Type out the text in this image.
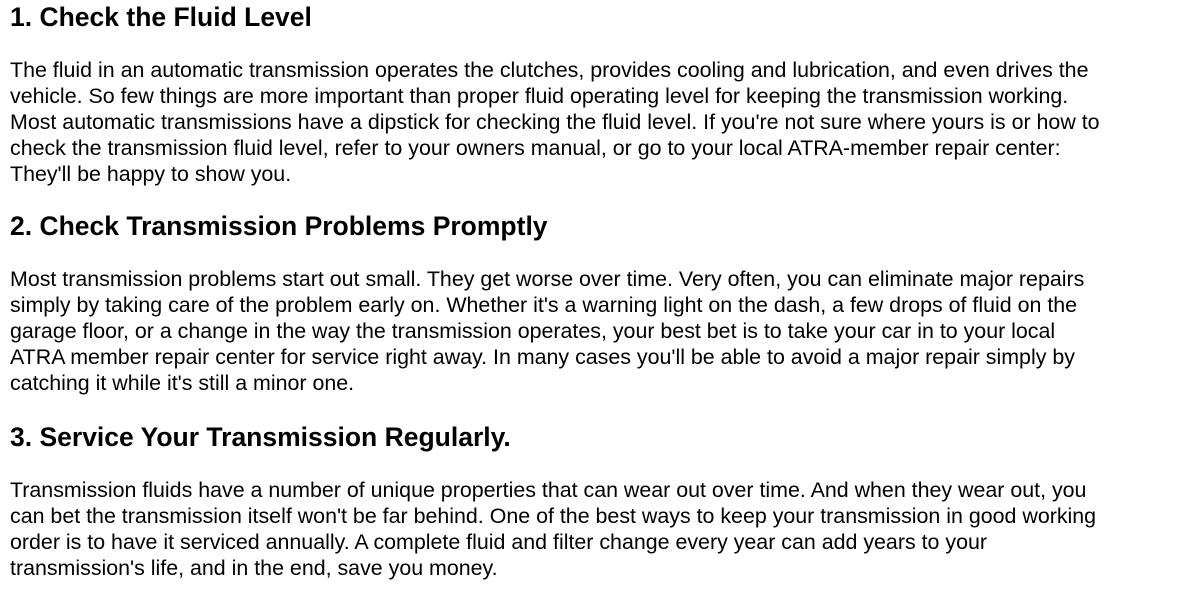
1. Check the Fluid Level

The fluid in an automatic transmission operates the clutches, provides cooling and lubrication, and even drives the
vehicle. So few things are more important than proper fluid operating level for keeping the transmission working.
Most automatic transmissions have a dipstick for checking the fluid level. If you're not sure where yours is or how to
check the transmission fluid level, refer to your owners manual, or go to your local ATRA-member repair center:
They'll be happy to show you.

2. Check Transmission Problems Promptly

Most transmission problems start out small. They get worse over time. Very often, you can eliminate major repairs
simply by taking care of the problem early on. Whether it's a warning light on the dash, a few drops of fluid on the
garage floor, or a change in the way the transmission operates, your best bet is to take your car in to your local
ATRA member repair center for service right away. In many cases you'll be able to avoid a major repair simply by
catching it while it's still a minor one.

3. Service Your Transmission Regularly.

Transmission fluids have a number of unique properties that can wear out over time. And when they wear out, you
can bet the transmission itself won't be far behind. One of the best ways to keep your transmission in good working
order is to have it serviced annually. A complete fluid and filter change every year can add years to your
transmission's life, and in the end, save you money.
